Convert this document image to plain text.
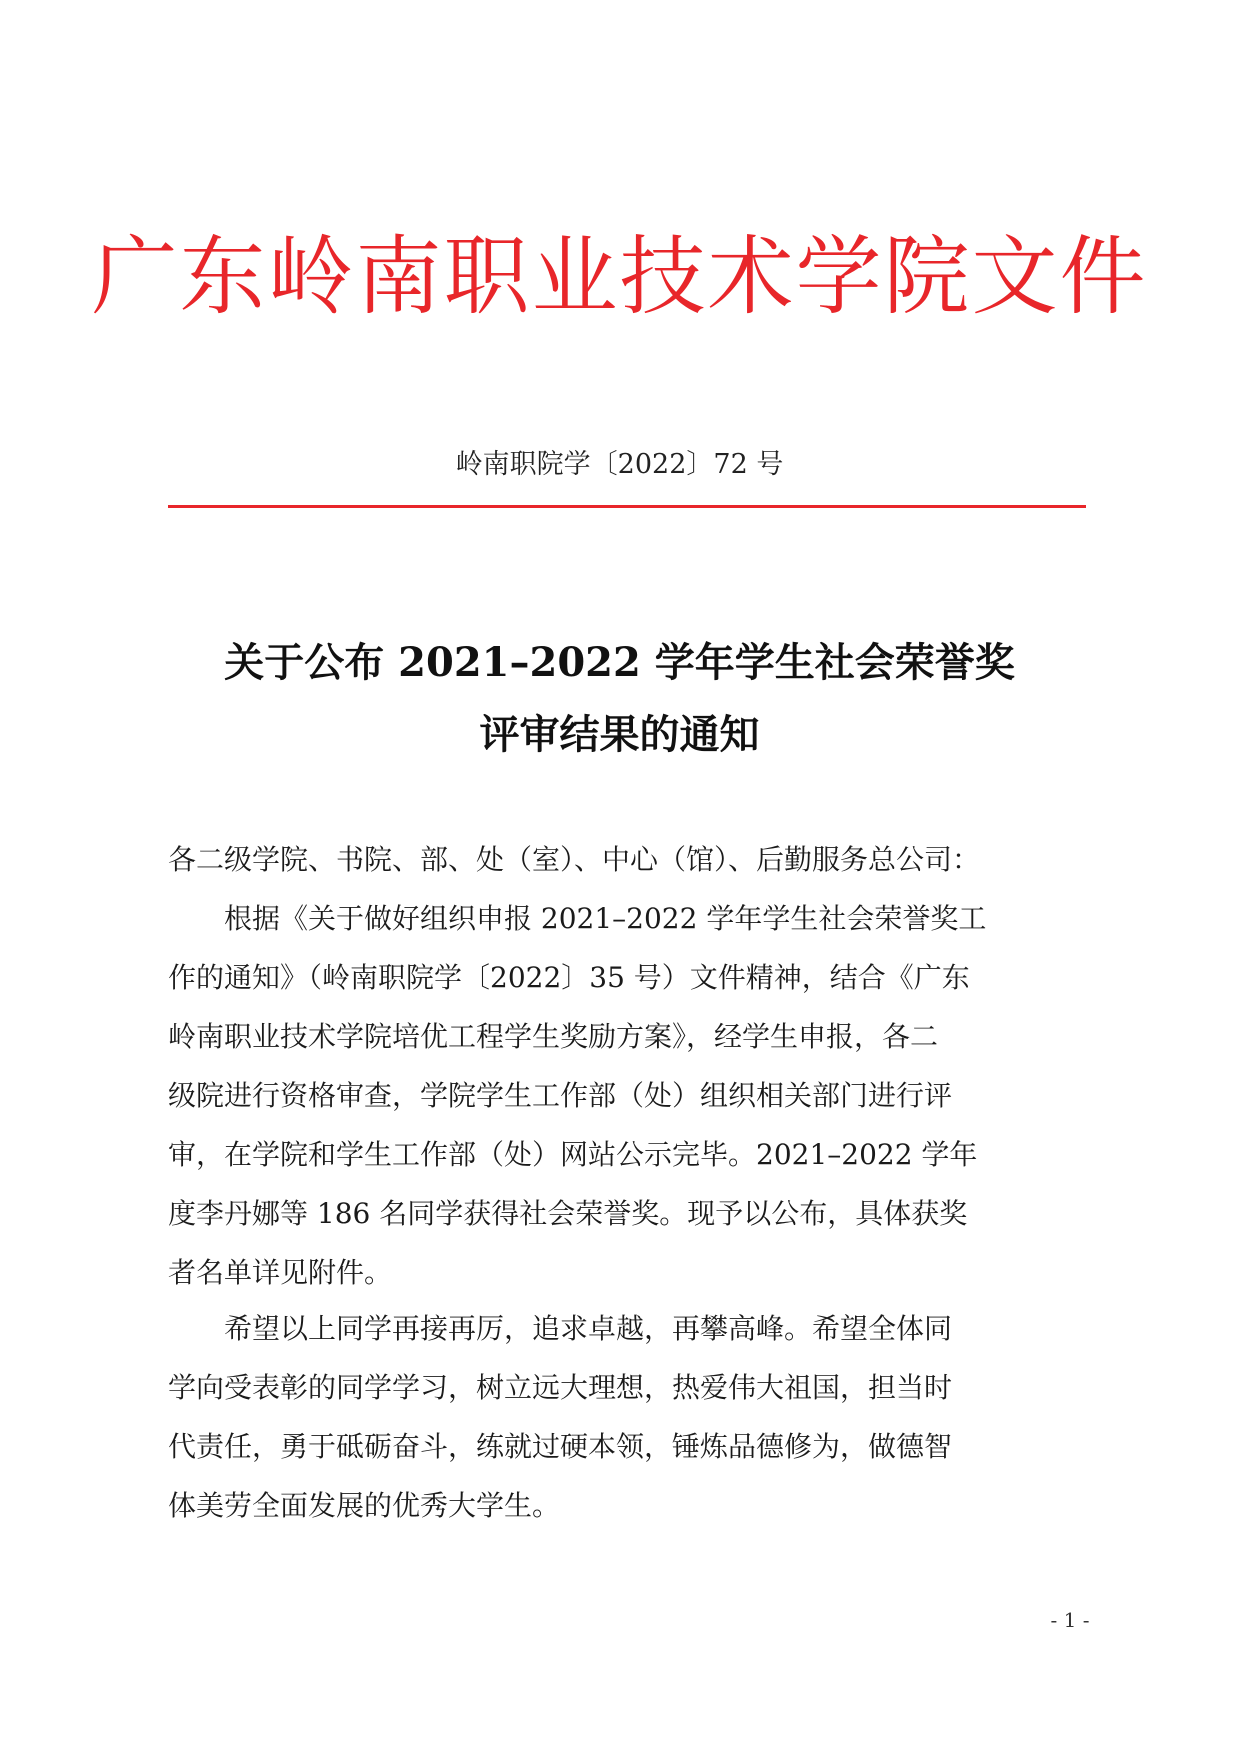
广东岭南职业技术学院文件
岭南职院学〔2022〕72 号
关于公布 2021–2022 学年学生社会荣誉奖
评审结果的通知
各二级学院、书院、部、处（室）、中心（馆）、后勤服务总公司：
　　根据《关于做好组织申报 2021–2022 学年学生社会荣誉奖工
作的通知》（岭南职院学〔2022〕35 号）文件精神，结合《广东
岭南职业技术学院培优工程学生奖励方案》，经学生申报，各二
级院进行资格审查，学院学生工作部（处）组织相关部门进行评
审，在学院和学生工作部（处）网站公示完毕。2021–2022 学年
度李丹娜等 186 名同学获得社会荣誉奖。现予以公布，具体获奖
者名单详见附件。
　　希望以上同学再接再厉，追求卓越，再攀高峰。希望全体同
学向受表彰的同学学习，树立远大理想，热爱伟大祖国，担当时
代责任，勇于砥砺奋斗，练就过硬本领，锤炼品德修为，做德智
体美劳全面发展的优秀大学生。
- 1 -
